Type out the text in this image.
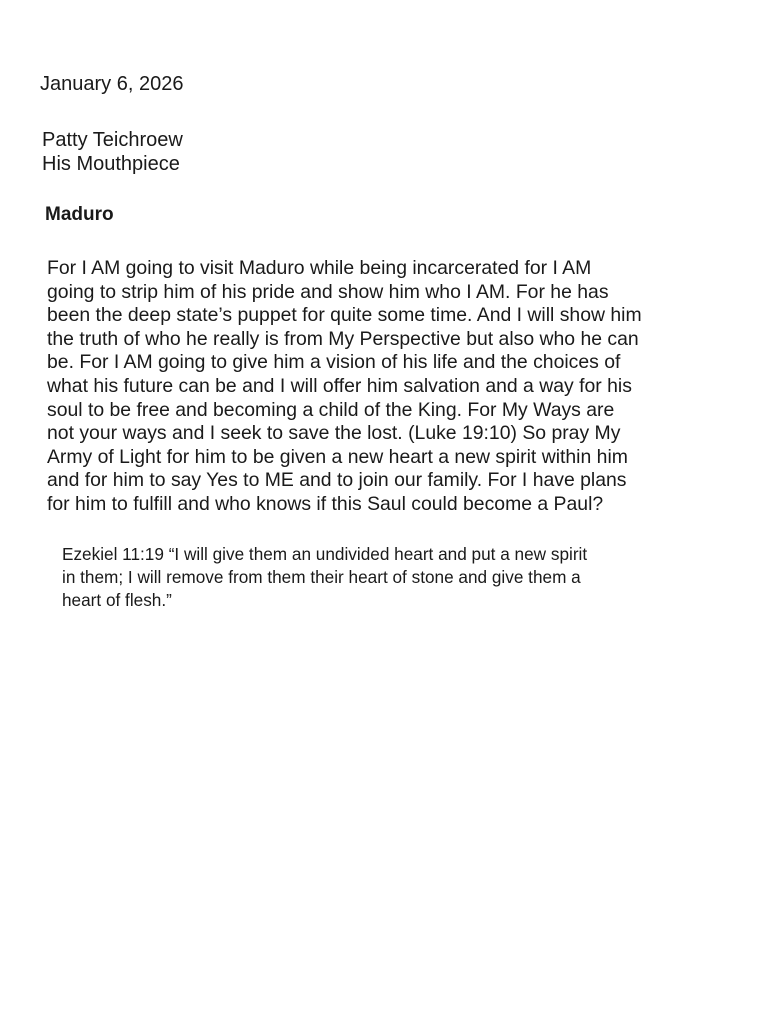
January 6, 2026
Patty Teichroew
His Mouthpiece
Maduro
For I AM going to visit Maduro while being incarcerated for I AM
going to strip him of his pride and show him who I AM. For he has
been the deep state’s puppet for quite some time. And I will show him
the truth of who he really is from My Perspective but also who he can
be. For I AM going to give him a vision of his life and the choices of
what his future can be and I will offer him salvation and a way for his
soul to be free and becoming a child of the King. For My Ways are
not your ways and I seek to save the lost. (Luke 19:10) So pray My
Army of Light for him to be given a new heart a new spirit within him
and for him to say Yes to ME and to join our family. For I have plans
for him to fulfill and who knows if this Saul could become a Paul?
Ezekiel 11:19 “I will give them an undivided heart and put a new spirit
in them; I will remove from them their heart of stone and give them a
heart of flesh.”
